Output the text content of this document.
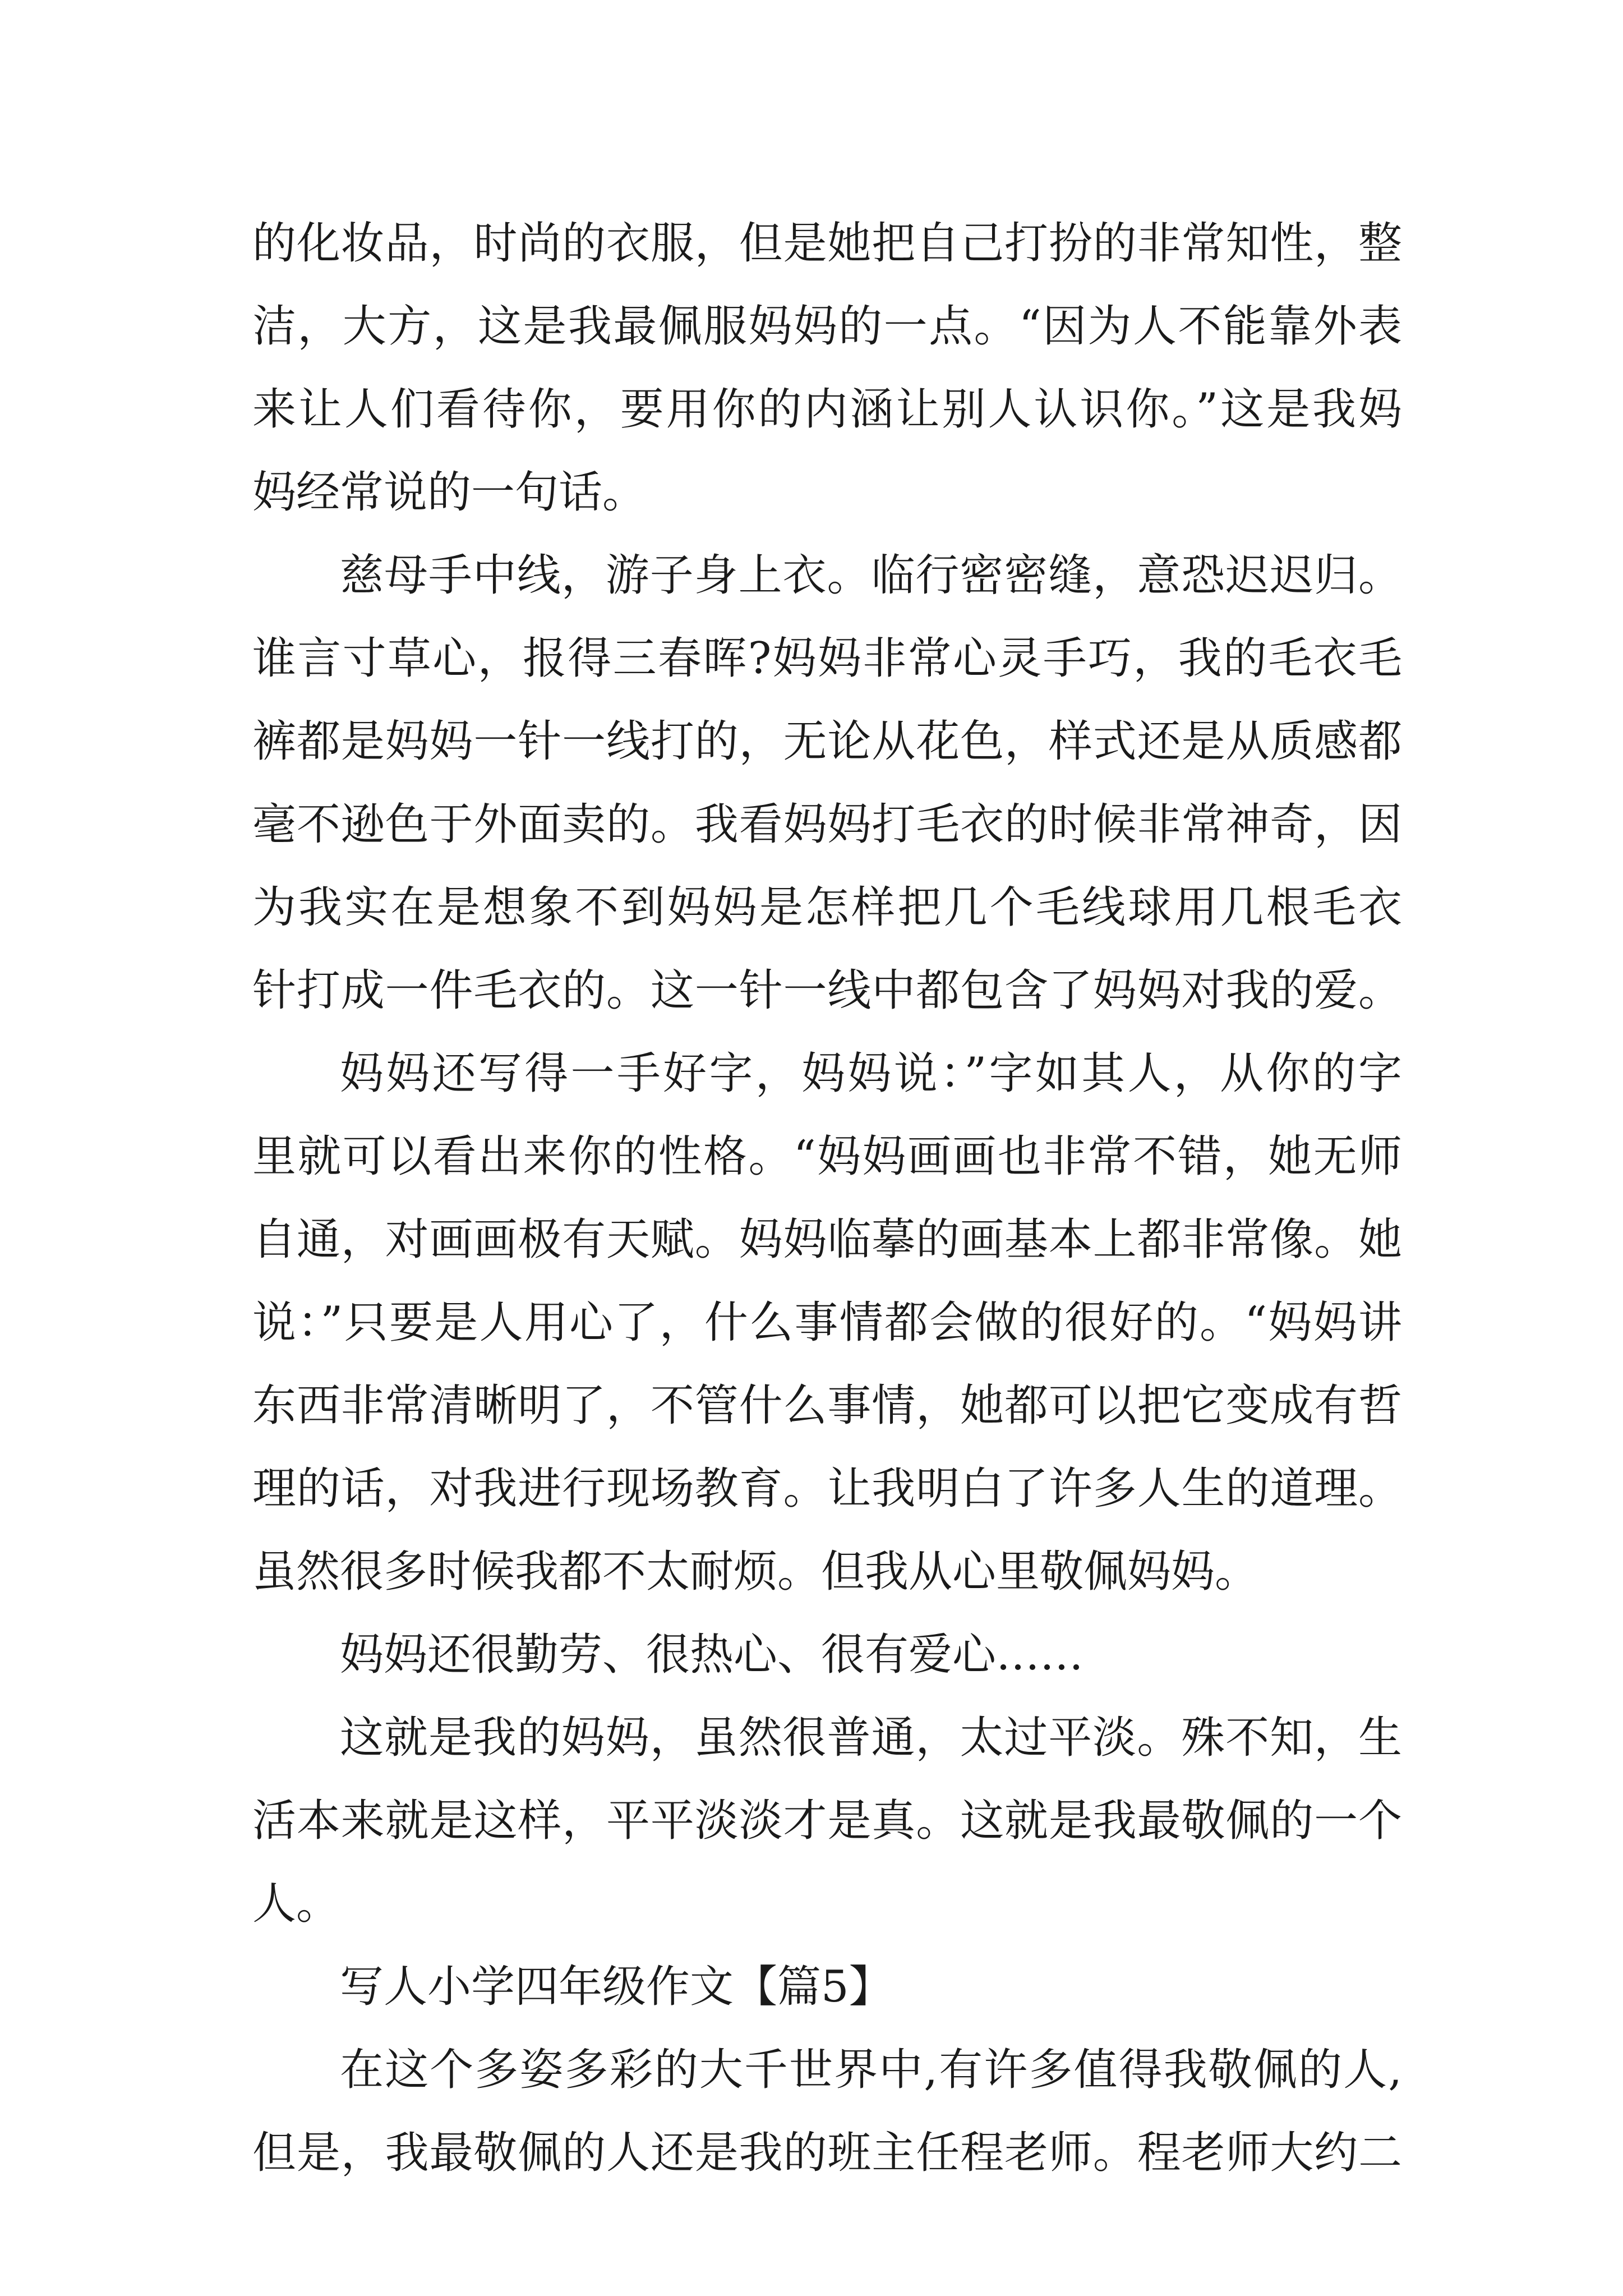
的化妆品，时尚的衣服，但是她把自己打扮的非常知性，整
洁，大方，这是我最佩服妈妈的一点。“因为人不能靠外表
来让人们看待你，要用你的内涵让别人认识你。”这是我妈
妈经常说的一句话。
慈母手中线，游子身上衣。临行密密缝，意恐迟迟归。
谁言寸草心，报得三春晖?妈妈非常心灵手巧，我的毛衣毛
裤都是妈妈一针一线打的，无论从花色，样式还是从质感都
毫不逊色于外面卖的。我看妈妈打毛衣的时候非常神奇，因
为我实在是想象不到妈妈是怎样把几个毛线球用几根毛衣
针打成一件毛衣的。这一针一线中都包含了妈妈对我的爱。
妈妈还写得一手好字，妈妈说：”字如其人，从你的字
里就可以看出来你的性格。“妈妈画画也非常不错，她无师
自通，对画画极有天赋。妈妈临摹的画基本上都非常像。她
说：”只要是人用心了，什么事情都会做的很好的。“妈妈讲
东西非常清晰明了，不管什么事情，她都可以把它变成有哲
理的话，对我进行现场教育。让我明白了许多人生的道理。
虽然很多时候我都不太耐烦。但我从心里敬佩妈妈。
妈妈还很勤劳、很热心、很有爱心……
这就是我的妈妈，虽然很普通，太过平淡。殊不知，生
活本来就是这样，平平淡淡才是真。这就是我最敬佩的一个
人。
写人小学四年级作文【篇5】
在这个多姿多彩的大千世界中,有许多值得我敬佩的人,
但是，我最敬佩的人还是我的班主任程老师。程老师大约二
